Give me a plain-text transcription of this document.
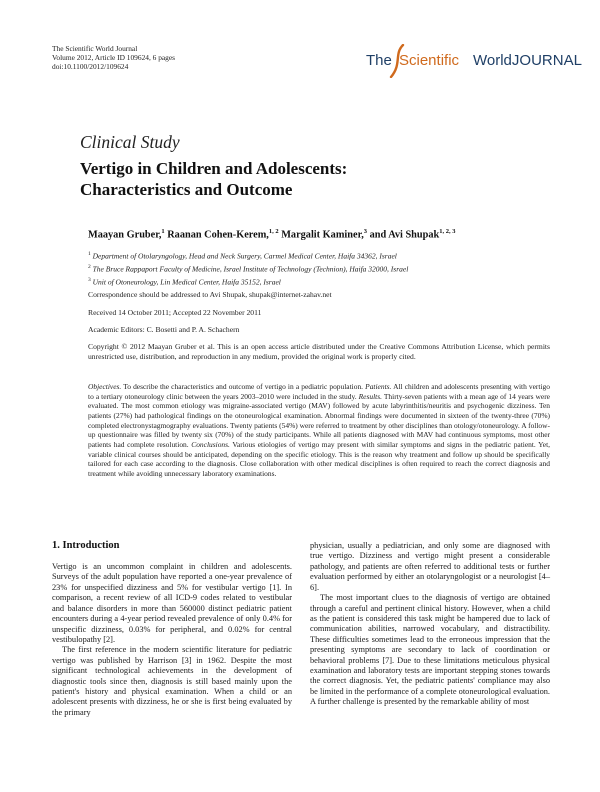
The Scientific World Journal
Volume 2012, Article ID 109624, 6 pages
doi:10.1100/2012/109624	The Scientific WorldJOURNAL
Clinical Study
Vertigo in Children and Adolescents:
Characteristics and Outcome
Maayan Gruber,$^1$ Raanan Cohen-Kerem,$^{1, 2}$ Margalit Kaminer,$^3$ and Avi Shupak$^{1, 2, 3}$
$^1$ Department of Otolaryngology, Head and Neck Surgery, Carmel Medical Center, Haifa 34362, Israel
$^2$ The Bruce Rappaport Faculty of Medicine, Israel Institute of Technology (Technion), Haifa 32000, Israel
$^3$ Unit of Otoneurology, Lin Medical Center, Haifa 35152, Israel
Correspondence should be addressed to Avi Shupak, shupak@internet-zahav.net
Received 14 October 2011; Accepted 22 November 2011
Academic Editors: C. Bosetti and P. A. Schachern
Copyright © 2012 Maayan Gruber et al. This is an open access article distributed under the Creative Commons Attribution License, which permits unrestricted use, distribution, and reproduction in any medium, provided the original work is properly cited.
Objectives. To describe the characteristics and outcome of vertigo in a pediatric population. Patients. All children and adolescents presenting with vertigo to a tertiary otoneurology clinic between the years 2003–2010 were included in the study. Results. Thirty-seven patients with a mean age of 14 years were evaluated. The most common etiology was migraine-associated vertigo (MAV) followed by acute labyrinthitis/neuritis and psychogenic dizziness. Ten patients (27%) had pathological findings on the otoneurological examination. Abnormal findings were documented in sixteen of the twenty-three (70%) completed electronystagmography evaluations. Twenty patients (54%) were referred to treatment by other disciplines than otology/otoneurology. A follow-up questionnaire was filled by twenty six (70%) of the study participants. While all patients diagnosed with MAV had continuous symptoms, most other patients had complete resolution. Conclusions. Various etiologies of vertigo may present with similar symptoms and signs in the pediatric patient. Yet, variable clinical courses should be anticipated, depending on the specific etiology. This is the reason why treatment and follow up should be specifically tailored for each case according to the diagnosis. Close collaboration with other medical disciplines is often required to reach the correct diagnosis and treatment while avoiding unnecessary laboratory examinations.
1. Introduction

Vertigo is an uncommon complaint in children and adolescents. Surveys of the adult population have reported a one-year prevalence of 23% for unspecified dizziness and 5% for vestibular vertigo [1]. In comparison, a recent review of all ICD-9 codes related to vestibular and balance disorders in more than 560000 distinct pediatric patient encounters during a 4-year period revealed prevalence of only 0.4% for unspecific dizziness, 0.03% for peripheral, and 0.02% for central vestibulopathy [2].

The first reference in the modern scientific literature for pediatric vertigo was published by Harrison [3] in 1962. Despite the most significant technological achievements in the development of diagnostic tools since then, diagnosis is still based mainly upon the patient's history and physical examination. When a child or an adolescent presents with dizziness, he or she is first being evaluated by the primary

physician, usually a pediatrician, and only some are diagnosed with true vertigo. Dizziness and vertigo might present a considerable pathology, and patients are often referred to additional tests or further evaluation performed by either an otolaryngologist or a neurologist [4–6].

The most important clues to the diagnosis of vertigo are obtained through a careful and pertinent clinical history. However, when a child as the patient is considered this task might be hampered due to lack of communication abilities, narrowed vocabulary, and distractibility. These difficulties sometimes lead to the erroneous impression that the presenting symptoms are secondary to lack of coordination or behavioral problems [7]. Due to these limitations meticulous physical examination and laboratory tests are important stepping stones towards the correct diagnosis. Yet, the pediatric patients' compliance may also be limited in the performance of a complete otoneurological evaluation. A further challenge is presented by the remarkable ability of most
